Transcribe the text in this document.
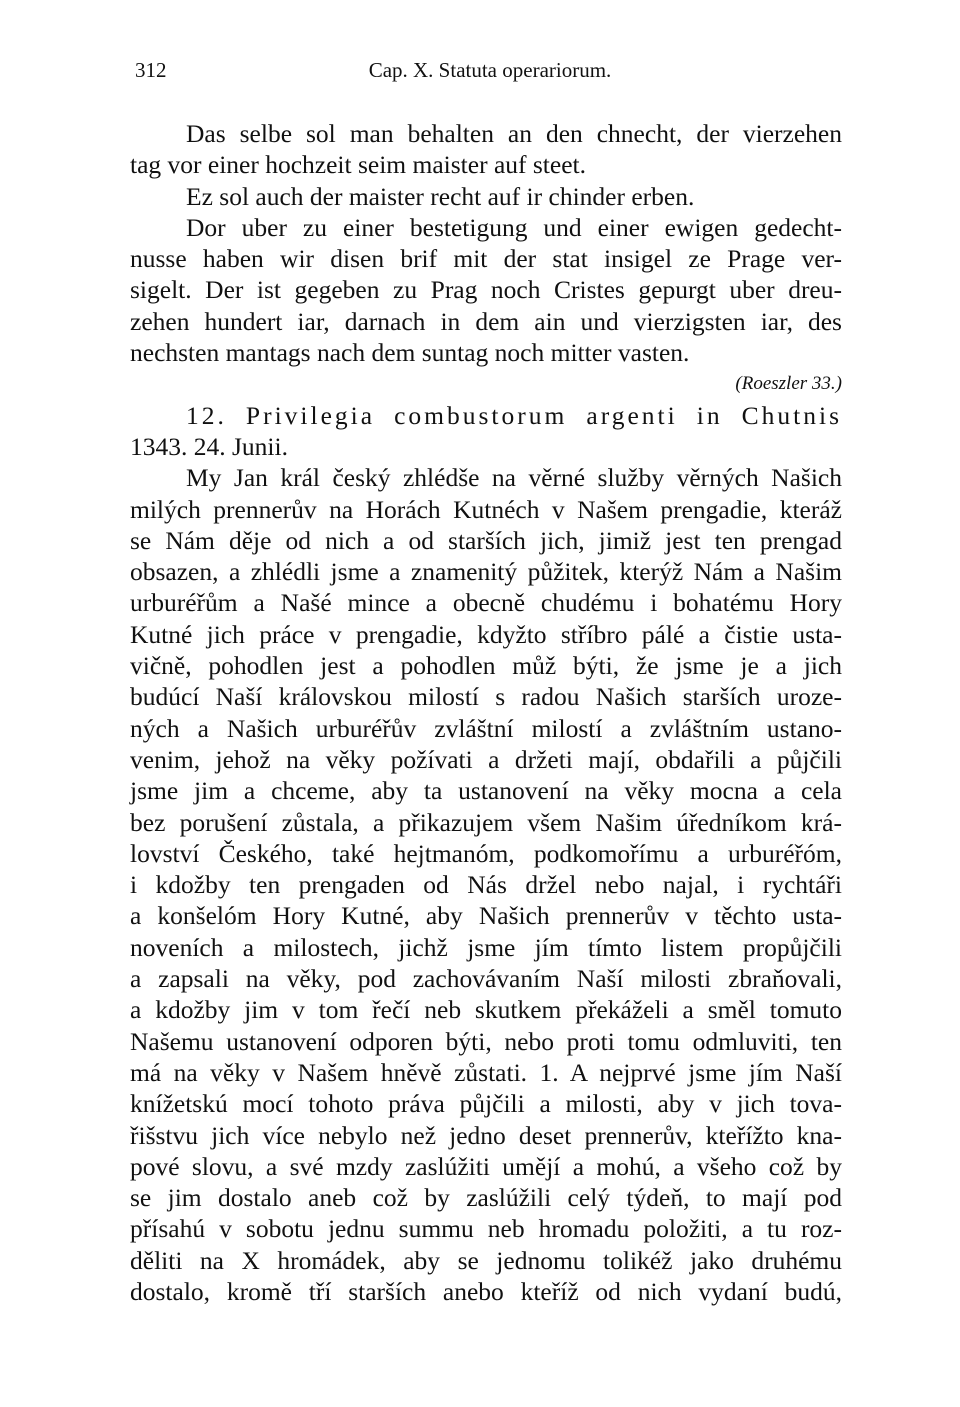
312	Cap. X. Statuta operariorum.
Das selbe sol man behalten an den chnecht, der vierzehen
tag vor einer hochzeit seim maister auf steet.
Ez sol auch der maister recht auf ir chinder erben.
Dor uber zu einer bestetigung und einer ewigen gedecht-
nusse haben wir disen brif mit der stat insigel ze Prage ver-
sigelt. Der ist gegeben zu Prag noch Cristes gepurgt uber dreu-
zehen hundert iar, darnach in dem ain und vierzigsten iar, des
nechsten mantags nach dem suntag noch mitter vasten.
(Roeszler 33.)
12. Privilegia combustorum argenti in Chutnis
1343. 24. Junii.
My Jan král český zhlédše na věrné služby věrných Našich
milých prennerův na Horách Kutnéch v Našem prengadie, kteráž
se Nám děje od nich a od starších jich, jimiž jest ten prengad
obsazen, a zhlédli jsme a znamenitý půžitek, kterýž Nám a Našim
urburéřům a Našé mince a obecně chudému i bohatému Hory
Kutné jich práce v prengadie, kdyžto stříbro pálé a čistie usta-
vičně, pohodlen jest a pohodlen můž býti, že jsme je a jich
budúcí Naší královskou milostí s radou Našich starších uroze-
ných a Našich urburéřův zvláštní milostí a zvláštním ustano-
venim, jehož na věky požívati a držeti mají, obdařili a půjčili
jsme jim a chceme, aby ta ustanovení na věky mocna a cela
bez porušení zůstala, a přikazujem všem Našim úředníkom krá-
lovství Českého, také hejtmanóm, podkomořímu a urburéřóm,
i kdožby ten prengaden od Nás držel nebo najal, i rychtáři
a konšelóm Hory Kutné, aby Našich prennerův v těchto usta-
noveních a milostech, jichž jsme jím tímto listem propůjčili
a zapsali na věky, pod zachovávaním Naší milosti zbraňovali,
a kdožby jim v tom řečí neb skutkem překáželi a směl tomuto
Našemu ustanovení odporen býti, nebo proti tomu odmluviti, ten
má na věky v Našem hněvě zůstati. 1. A nejprvé jsme jím Naší
knížetskú mocí tohoto práva půjčili a milosti, aby v jich tova-
řišstvu jich více nebylo než jedno deset prennerův, kteřížto kna-
pové slovu, a své mzdy zaslúžiti umějí a mohú, a všeho což by
se jim dostalo aneb což by zaslúžili celý týdeň, to mají pod
přísahú v sobotu jednu summu neb hromadu položiti, a tu roz-
děliti na X hromádek, aby se jednomu tolikéž jako druhému
dostalo, kromě tří starších anebo kteříž od nich vydaní budú,
